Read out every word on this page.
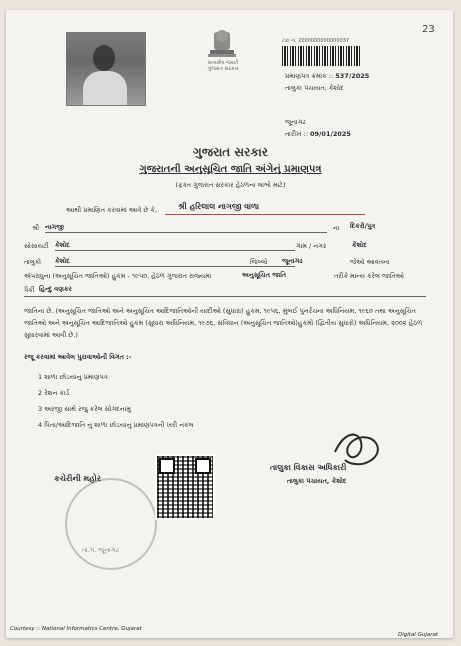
23
સત્યમેવ જયતે
ગુજરાત સરકાર
ટકા નં. 2000000000000037
પ્રમાણપત્ર ક્રમાંક :: 537/2025
તાલુકા પંચાયત, કેશોદ
જૂનાગઢ
તારીખ :: 09/01/2025
ગુજરાત સરકાર
ગુજરાતની અનુસૂચિત જાતિ અંગેનું પ્રમાણપત્ર
(ફક્ત ગુજરાત સરકાર હેઠળના લાભો માટે)
આથી પ્રમાણિત કરવામાં આવે છે કે,	શ્રી હરિલાલ નાગજી વાળા
શ્રી નાગજી	ના દિકરો/પુત્ર
સોસાયટી કેશોદ	ગામ / નગર	કેશોદ
તાલુકો કેશોદ	જિલ્લો જૂનાગઢ	જેઓ આવતના
ઍપરાધુના (અનુસૂચિત જાતિઓ) હુકમ - ૧૯૫૦, હેઠળ ગુજરાત રાજ્યમાં	અનુસૂચિત જાતિ	તરીકે માન્ય કરેલ જાતિઓ
પૈકી હિન્દુ વણકર
જાતિના છે. (અનુસૂચિત જાતિઓ અને અનુસૂચિત આદિજાતિઓની યાદીઓ (સુધારા) હુકમ, ૧૯૫૬, મુંબઈ પુનર્રચના અધિનિયમ, ૧૯૬૦ તથા અનુસૂચિત જાતિઓ અને અનુસૂચિત આદિજાતિઓ હુકમ (સુધારા અધિનિયમ, ૧૯૭૬, સંવિધાન (અનુસૂચિત જાતિઓ)હુકમો (દ્વિતીય સુધારો) અધિનિયમ, ૨૦૦૨ હેઠળ સુધારવામાં આવી છે.)
રજૂ કરવામાં આવેલ પુરાવાઓની વિગત :-
1 શાળા છોડયાનુ પ્રમાણપત્ર
2 રેશન કાર્ડ
3 અરજી સાથે રજુ કરેલ સોગંદનામુ
4 પિતા/આદિજાતિ નું શાળા છોડયાનુ પ્રમાણપત્રની ખરી નકલ
તા.પં. જૂનાગઢ
કચેરીની મહોર
તાલુકા વિકાસ અધિકારી
તાલુકા પંચાયત, કેશોદ
Courtesy :: National Informatics Centre, Gujarat
Digital Gujarat
